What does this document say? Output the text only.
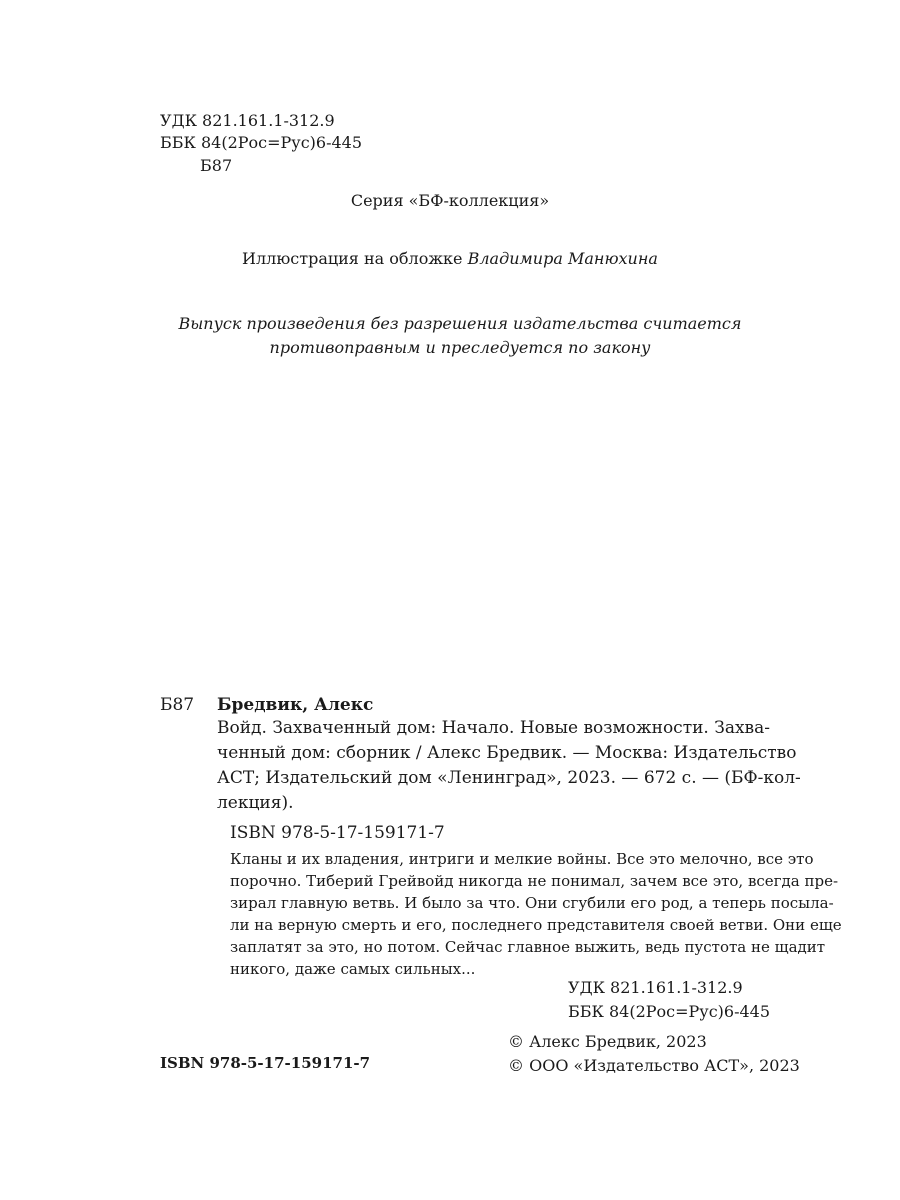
УДК 821.161.1-312.9
ББК 84(2Рос=Рус)6-445
Б87
Серия «БФ-коллекция»
Иллюстрация на обложке Владимира Манюхина
Выпуск произведения без разрешения издательства считается
противоправным и преследуется по закону
Б87 Бредвик, Алекс
Войд. Захваченный дом: Начало. Новые возможности. Захва-
ченный дом: сборник / Алекс Бредвик. — Москва: Издательство
АСТ; Издательский дом «Ленинград», 2023. — 672 с. — (БФ-кол-
лекция).
ISBN 978-5-17-159171-7
Кланы и их владения, интриги и мелкие войны. Все это мелочно, все это
порочно. Тиберий Грейвойд никогда не понимал, зачем все это, всегда пре-
зирал главную ветвь. И было за что. Они сгубили его род, а теперь посыла-
ли на верную смерть и его, последнего представителя своей ветви. Они еще
заплатят за это, но потом. Сейчас главное выжить, ведь пустота не щадит
никого, даже самых сильных...
УДК 821.161.1-312.9
ББК 84(2Рос=Рус)6-445
© Алекс Бредвик, 2023
© ООО «Издательство АСТ», 2023
ISBN 978-5-17-159171-7
